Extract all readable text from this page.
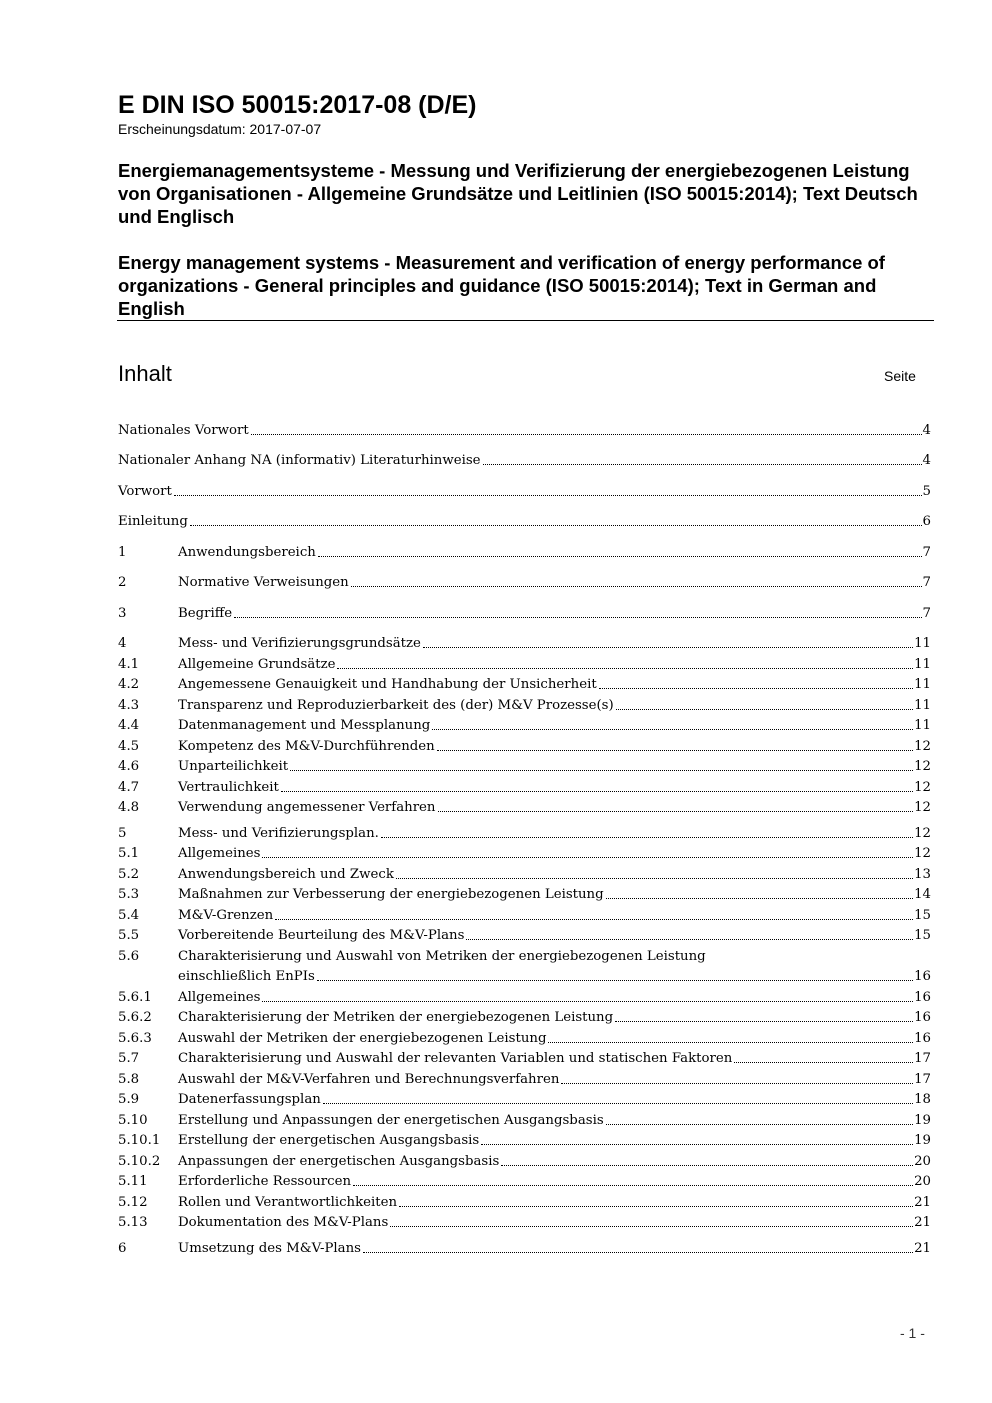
E DIN ISO 50015:2017-08 (D/E)
Erscheinungsdatum: 2017-07-07
Energiemanagementsysteme - Messung und Verifizierung der energiebezogenen Leistung von Organisationen - Allgemeine Grundsätze und Leitlinien (ISO 50015:2014); Text Deutsch und Englisch
Energy management systems - Measurement and verification of energy performance of organizations - General principles and guidance (ISO 50015:2014); Text in German and English
Inhalt	Seite
Nationales Vorwort	4
Nationaler Anhang NA (informativ) Literaturhinweise	4
Vorwort	5
Einleitung	6
1	Anwendungsbereich	7
2	Normative Verweisungen	7
3	Begriffe	7
4	Mess- und Verifizierungsgrundsätze	11
4.1	Allgemeine Grundsätze	11
4.2	Angemessene Genauigkeit und Handhabung der Unsicherheit	11
4.3	Transparenz und Reproduzierbarkeit des (der) M&V Prozesse(s)	11
4.4	Datenmanagement und Messplanung	11
4.5	Kompetenz des M&V-Durchführenden	12
4.6	Unparteilichkeit	12
4.7	Vertraulichkeit	12
4.8	Verwendung angemessener Verfahren	12
5	Mess- und Verifizierungsplan.	12
5.1	Allgemeines	12
5.2	Anwendungsbereich und Zweck	13
5.3	Maßnahmen zur Verbesserung der energiebezogenen Leistung	14
5.4	M&V-Grenzen	15
5.5	Vorbereitende Beurteilung des M&V-Plans	15
5.6	Charakterisierung und Auswahl von Metriken der energiebezogenen Leistung
einschließlich EnPIs	16
5.6.1	Allgemeines	16
5.6.2	Charakterisierung der Metriken der energiebezogenen Leistung	16
5.6.3	Auswahl der Metriken der energiebezogenen Leistung	16
5.7	Charakterisierung und Auswahl der relevanten Variablen und statischen Faktoren	17
5.8	Auswahl der M&V-Verfahren und Berechnungsverfahren	17
5.9	Datenerfassungsplan	18
5.10	Erstellung und Anpassungen der energetischen Ausgangsbasis	19
5.10.1	Erstellung der energetischen Ausgangsbasis	19
5.10.2	Anpassungen der energetischen Ausgangsbasis	20
5.11	Erforderliche Ressourcen	20
5.12	Rollen und Verantwortlichkeiten	21
5.13	Dokumentation des M&V-Plans	21
6	Umsetzung des M&V-Plans	21
- 1 -
